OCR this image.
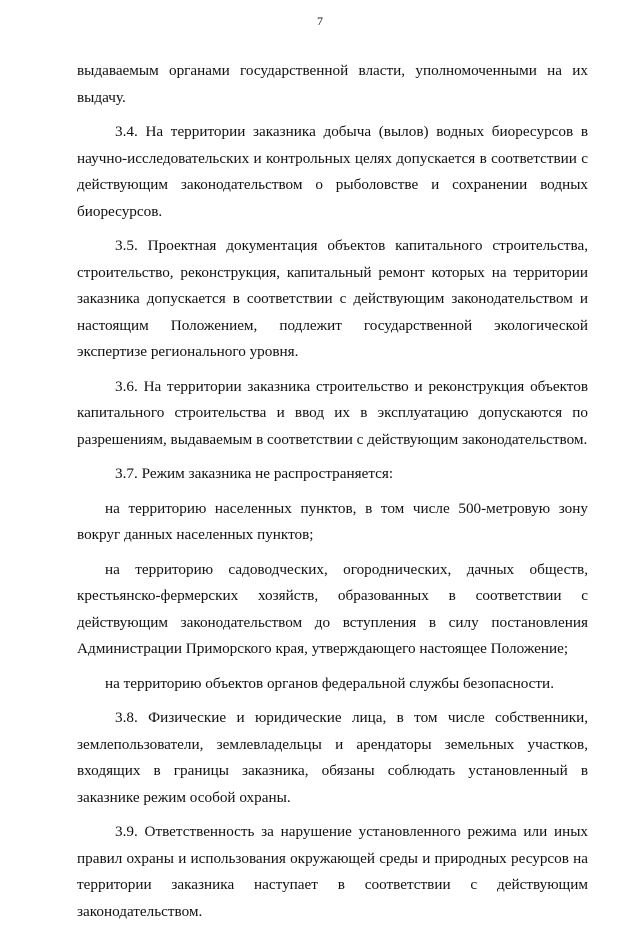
7

выдаваемым органами государственной власти, уполномоченными на их выдачу.

3.4. На территории заказника добыча (вылов) водных биоресурсов в научно-исследовательских и контрольных целях допускается в соответствии с действующим законодательством о рыболовстве и сохранении водных биоресурсов.

3.5. Проектная документация объектов капитального строительства, строительство, реконструкция, капитальный ремонт которых на территории заказника допускается в соответствии с действующим законодательством и настоящим Положением, подлежит государственной экологической экспертизе регионального уровня.

3.6. На территории заказника строительство и реконструкция объектов капитального строительства и ввод их в эксплуатацию допускаются по разрешениям, выдаваемым в соответствии с действующим законодательством.

3.7. Режим заказника не распространяется:

на территорию населенных пунктов, в том числе 500-метровую зону вокруг данных населенных пунктов;

на территорию садоводческих, огороднических, дачных обществ, крестьянско-фермерских хозяйств, образованных в соответствии с действующим законодательством до вступления в силу постановления Администрации Приморского края, утверждающего настоящее Положение;

на территорию объектов органов федеральной службы безопасности.

3.8. Физические и юридические лица, в том числе собственники, землепользователи, землевладельцы и арендаторы земельных участков, входящих в границы заказника, обязаны соблюдать установленный в заказнике режим особой охраны.

3.9. Ответственность за нарушение установленного режима или иных правил охраны и использования окружающей среды и природных ресурсов на территории заказника наступает в соответствии с действующим законодательством.
